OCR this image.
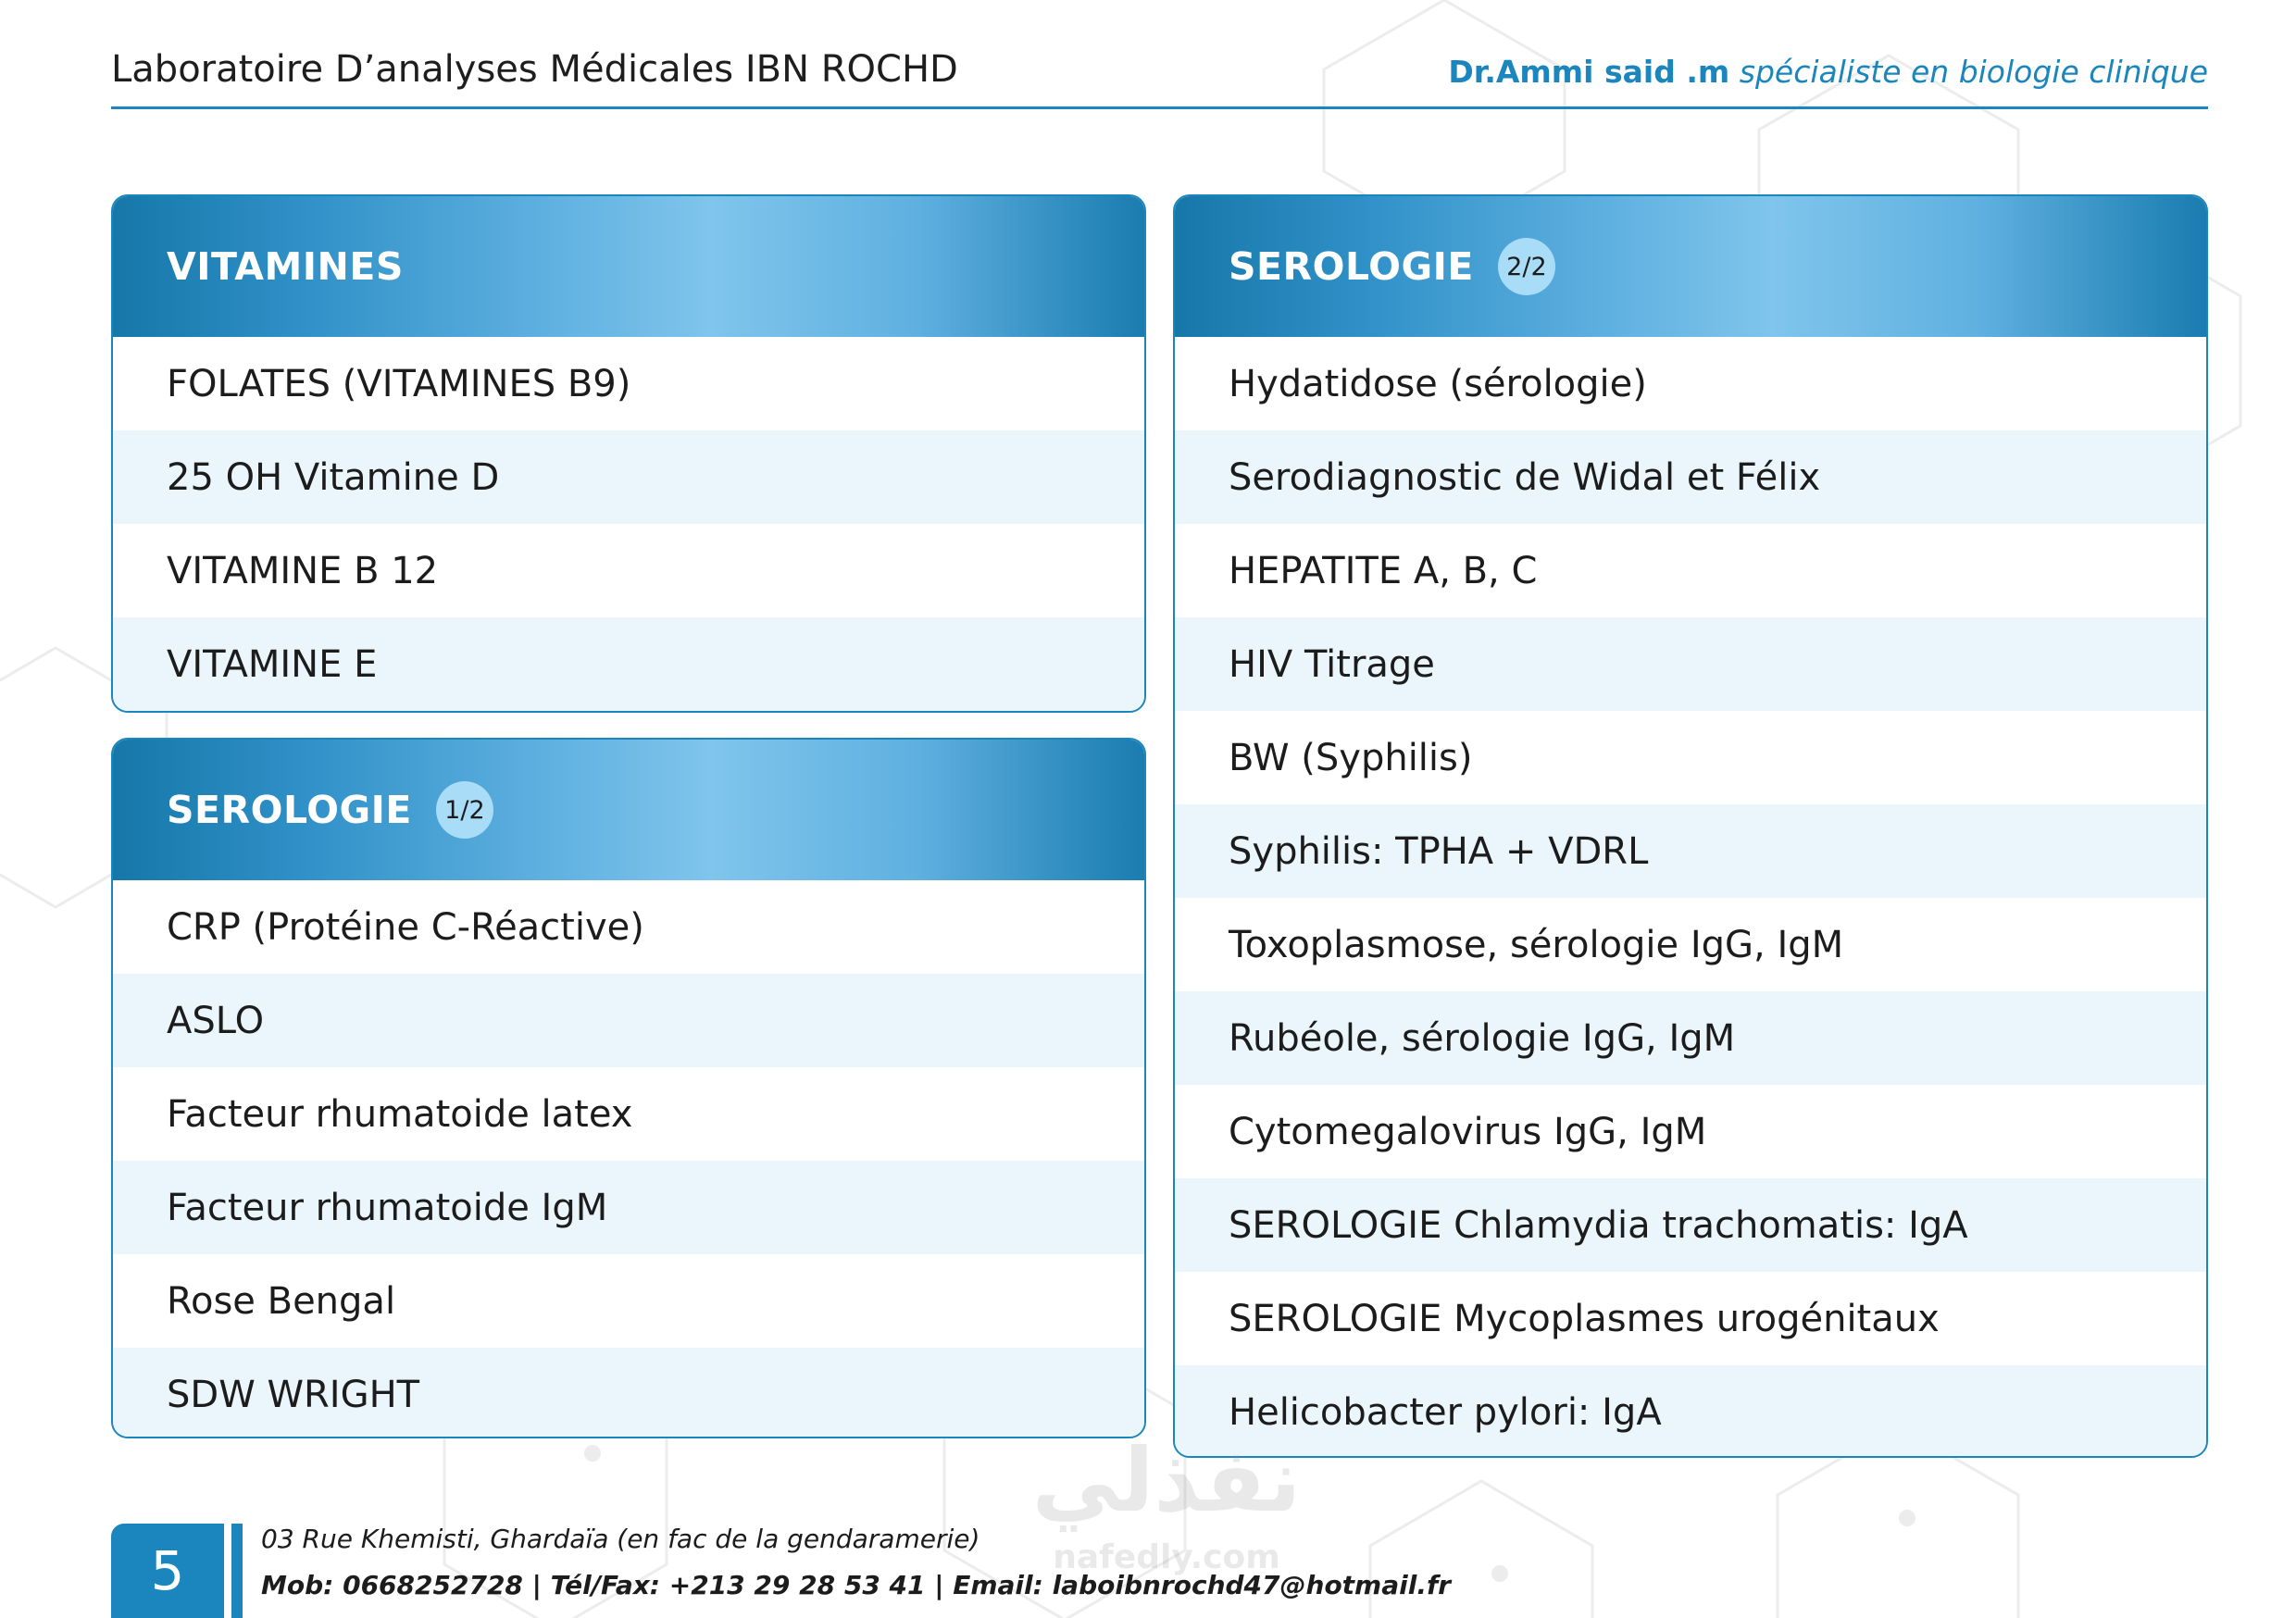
Laboratoire D’analyses Médicales IBN ROCHD	Dr.Ammi said .m spécialiste en biologie clinique
VITAMINES
FOLATES (VITAMINES B9)
25 OH Vitamine D
VITAMINE B 12
VITAMINE E
SEROLOGIE	1/2
CRP (Protéine C-Réactive)
ASLO
Facteur rhumatoide latex
Facteur rhumatoide IgM
Rose Bengal
SDW WRIGHT
SEROLOGIE	2/2
Hydatidose (sérologie)
Serodiagnostic de Widal et Félix
HEPATITE A, B, C
HIV Titrage
BW (Syphilis)
Syphilis: TPHA + VDRL
Toxoplasmose, sérologie IgG, IgM
Rubéole, sérologie IgG, IgM
Cytomegalovirus IgG, IgM
SEROLOGIE Chlamydia trachomatis: IgA
SEROLOGIE Mycoplasmes urogénitaux
Helicobacter pylori: IgA
5
03 Rue Khemisti, Ghardaïa (en fac de la gendaramerie)
Mob: 0668252728 | Tél/Fax: +213 29 28 53 41 | Email: laboibnrochd47@hotmail.fr
نفذلي
nafedly.com
